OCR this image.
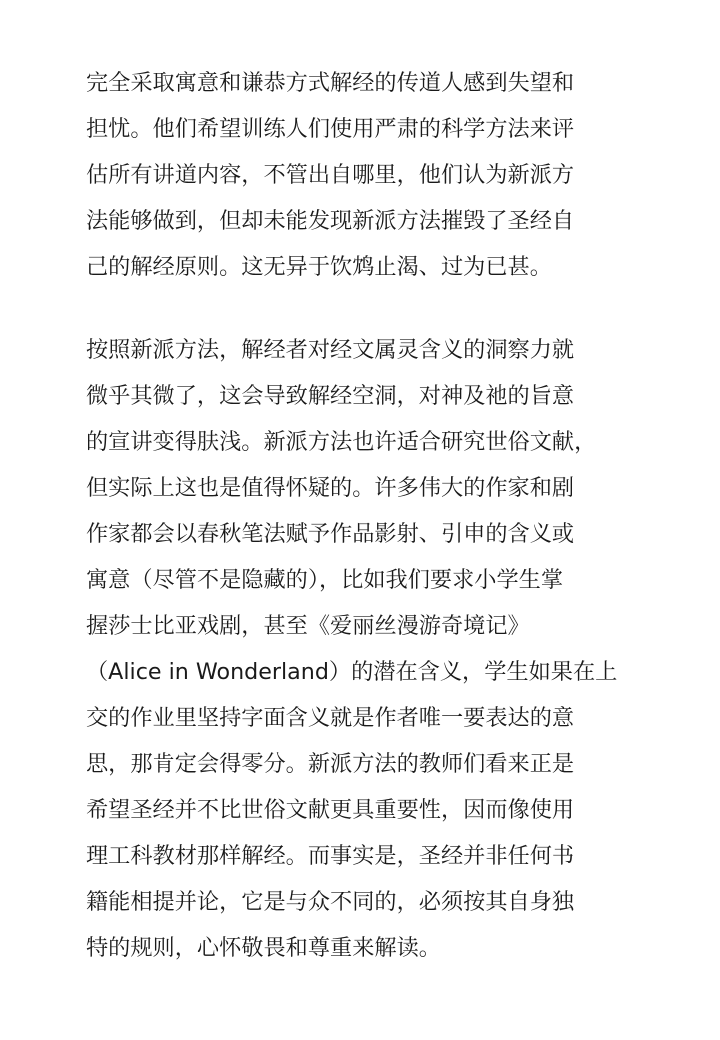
完全采取寓意和谦恭方式解经的传道人感到失望和
担忧。他们希望训练人们使用严肃的科学方法来评
估所有讲道内容，不管出自哪里，他们认为新派方
法能够做到，但却未能发现新派方法摧毁了圣经自
己的解经原则。这无异于饮鸩止渴、过为已甚。
按照新派方法，解经者对经文属灵含义的洞察力就
微乎其微了，这会导致解经空洞，对神及祂的旨意
的宣讲变得肤浅。新派方法也许适合研究世俗文献，
但实际上这也是值得怀疑的。许多伟大的作家和剧
作家都会以春秋笔法赋予作品影射、引申的含义或
寓意（尽管不是隐藏的），比如我们要求小学生掌
握莎士比亚戏剧，甚至《爱丽丝漫游奇境记》
（Alice in Wonderland）的潜在含义，学生如果在上
交的作业里坚持字面含义就是作者唯一要表达的意
思，那肯定会得零分。新派方法的教师们看来正是
希望圣经并不比世俗文献更具重要性，因而像使用
理工科教材那样解经。而事实是，圣经并非任何书
籍能相提并论，它是与众不同的，必须按其自身独
特的规则，心怀敬畏和尊重来解读。
